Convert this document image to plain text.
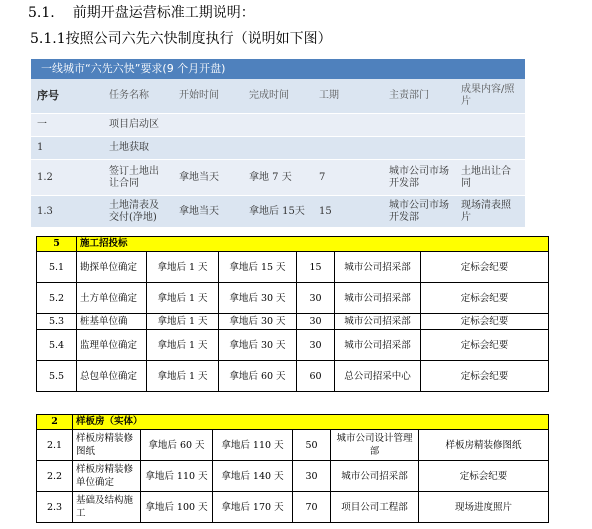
5.1. 前期开盘运营标准工期说明：
5.1.1按照公司六先六快制度执行（说明如下图）
一线城市“六先六快”要求(9 个月开盘)
序号	任务名称	开始时间	完成时间	工期	主责部门	成果内容/照片
一	项目启动区					
1	土地获取					
1.2	签订土地出让合同	拿地当天	拿地 7 天	7	城市公司市场开发部	土地出让合同
1.3	土地清表及交付(净地)	拿地当天	拿地后 15天	15	城市公司市场开发部	现场清表照片
5	施工招投标					
5.1	勘探单位确定	拿地后 1 天	拿地后 15 天	15	城市公司招采部	定标会纪要
5.2	土方单位确定	拿地后 1 天	拿地后 30 天	30	城市公司招采部	定标会纪要
5.3	桩基单位确	拿地后 1 天	拿地后 30 天	30	城市公司招采部	定标会纪要
5.4	监理单位确定	拿地后 1 天	拿地后 30 天	30	城市公司招采部	定标会纪要
5.5	总包单位确定	拿地后 1 天	拿地后 60 天	60	总公司招采中心	定标会纪要
2	样板房（实体）					
2.1	样板房精装修图纸	拿地后 60 天	拿地后 110 天	50	城市公司设计管理部	样板房精装修图纸
2.2	样板房精装修单位确定	拿地后 110 天	拿地后 140 天	30	城市公司招采部	定标会纪要
2.3	基础及结构施工	拿地后 100 天	拿地后 170 天	70	项目公司工程部	现场进度照片
